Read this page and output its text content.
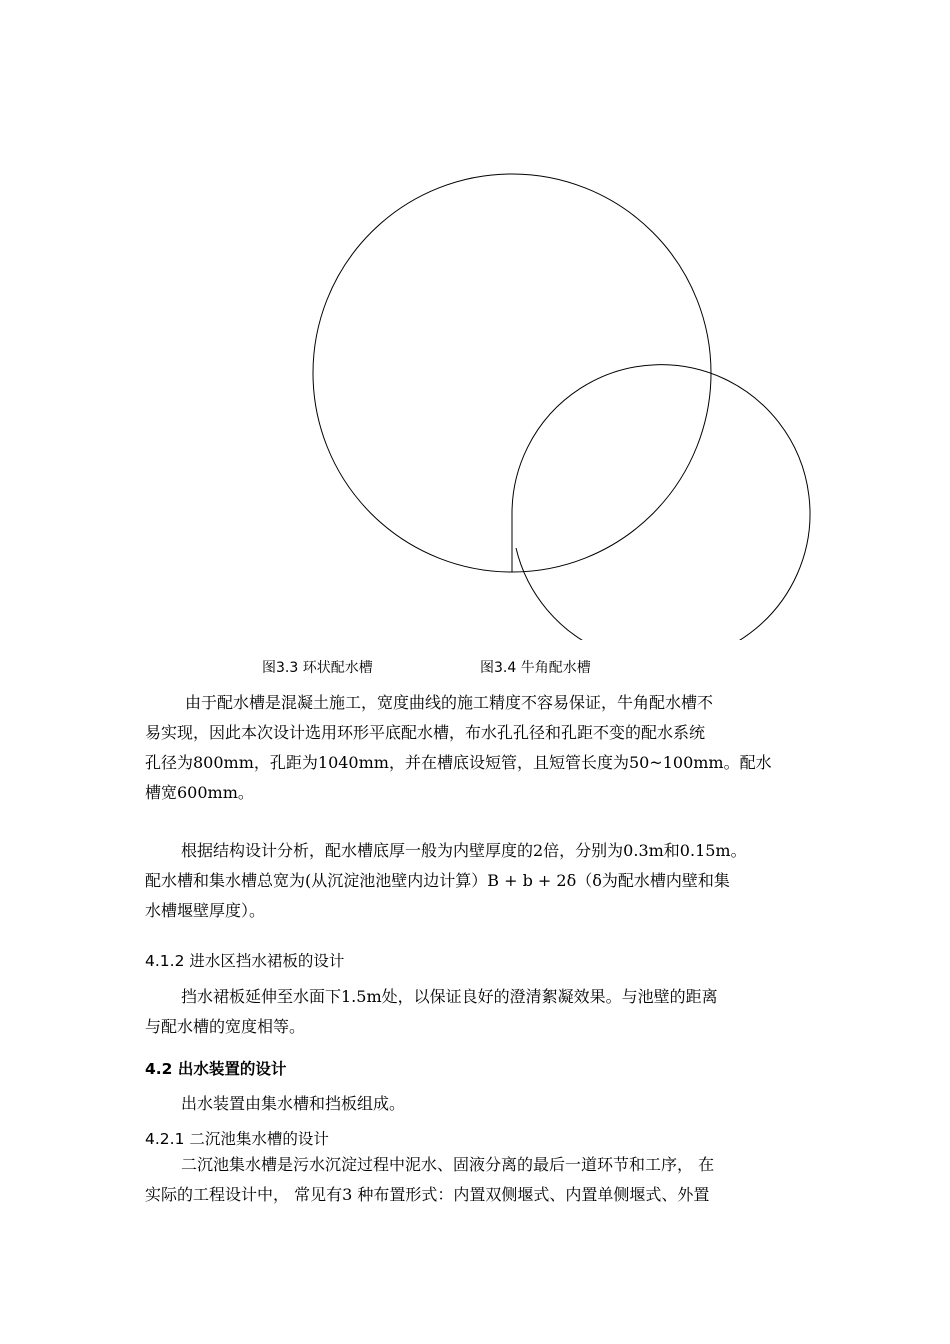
图3.3 环状配水槽	图3.4 牛角配水槽
由于配水槽是混凝土施工，宽度曲线的施工精度不容易保证，牛角配水槽不
易实现，因此本次设计选用环形平底配水槽，布水孔孔径和孔距不变的配水系统
孔径为800mm，孔距为1040mm，并在槽底设短管，且短管长度为50~100mm。配水
槽宽600mm。
根据结构设计分析，配水槽底厚一般为内壁厚度的2倍，分别为0.3m和0.15m。
配水槽和集水槽总宽为(从沉淀池池壁内边计算）B + b + 2δ（δ为配水槽内壁和集
水槽堰壁厚度）。
4.1.2 进水区挡水裙板的设计
挡水裙板延伸至水面下1.5m处，以保证良好的澄清絮凝效果。与池壁的距离
与配水槽的宽度相等。
4.2 出水装置的设计
出水装置由集水槽和挡板组成。
4.2.1 二沉池集水槽的设计
二沉池集水槽是污水沉淀过程中泥水、固液分离的最后一道环节和工序， 在
实际的工程设计中， 常见有3 种布置形式：内置双侧堰式、内置单侧堰式、外置
